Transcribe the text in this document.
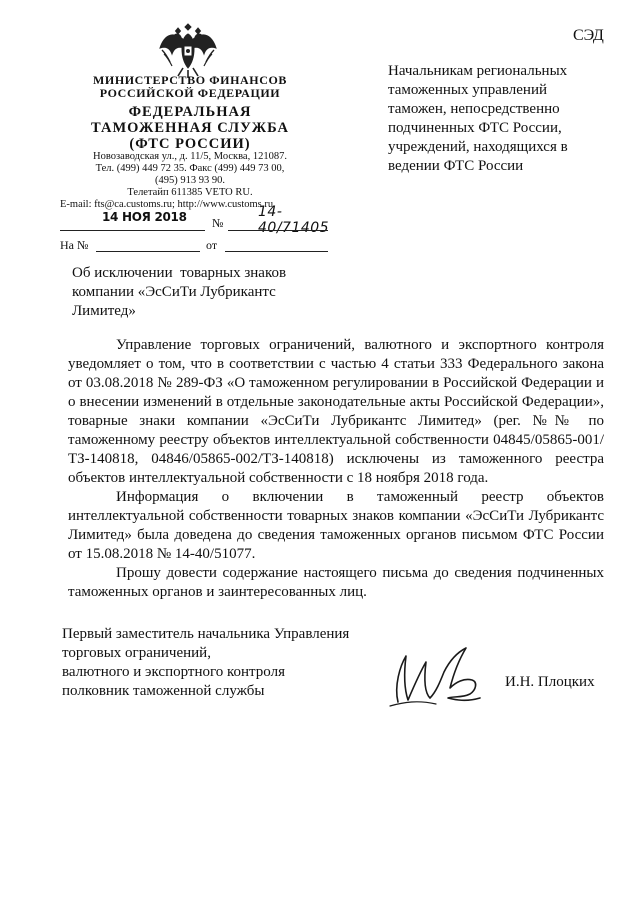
СЭД
МИНИСТЕРСТВО ФИНАНСОВ
РОССИЙСКОЙ ФЕДЕРАЦИИ
ФЕДЕРАЛЬНАЯ
ТАМОЖЕННАЯ СЛУЖБА
(ФТС РОССИИ)
Новозаводская ул., д. 11/5, Москва, 121087.
Тел. (499) 449 72 35. Факс (499) 449 73 00,
(495) 913 93 90.
Телетайп 611385 VETO RU.
E-mail: fts@ca.customs.ru; http://www.customs.ru
14 НОЯ 2018 №
14-40/71405
На №	от
Начальникам региональных
таможенных управлений
таможен, непосредственно
подчиненных ФТС России,
учреждений, находящихся в
ведении ФТС России
Об исключении  товарных знаков
компании «ЭсСиТи Лубрикантс
Лимитед»

Управление торговых ограничений, валютного и экспортного контроля уведомляет о том, что в соответствии с частью 4 статьи 333 Федерального закона от 03.08.2018 № 289-ФЗ «О таможенном регулировании в Российской Федерации и о внесении изменений в отдельные законодательные акты Российской Федерации», товарные знаки компании «ЭсСиТи Лубрикантс Лимитед» (рег. №№ по таможенному реестру объектов интеллектуальной собственности 04845/05865-001/ТЗ-140818, 04846/05865-002/ТЗ-140818) исключены из таможенного реестра объектов интеллектуальной собственности с 18 ноября 2018 года.

Информация о включении в таможенный реестр объектов интеллектуальной собственности товарных знаков компании «ЭсСиТи Лубрикантс Лимитед» была доведена до сведения таможенных органов письмом ФТС России от 15.08.2018 № 14-40/51077.

Прошу довести содержание настоящего письма до сведения подчиненных таможенных органов и заинтересованных лиц.

Первый заместитель начальника Управления
торговых ограничений,
валютного и экспортного контроля
полковник таможенной службы
И.Н. Плоцких
